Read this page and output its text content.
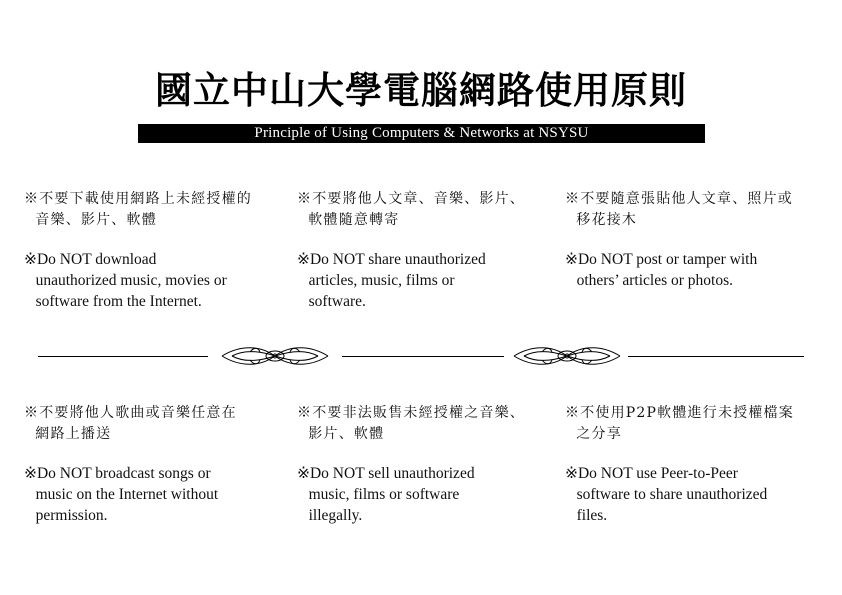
國立中山大學電腦網路使用原則
Principle of Using Computers & Networks at NSYSU
※不要下載使用網路上未經授權的
音樂、影片、軟體
※Do NOT download
unauthorized music, movies or
software from the Internet.
※不要將他人文章、音樂、影片、
軟體隨意轉寄
※Do NOT share unauthorized
articles, music, films or
software.
※不要隨意張貼他人文章、照片或
移花接木
※Do NOT post or tamper with
others’ articles or photos.
※不要將他人歌曲或音樂任意在
網路上播送
※Do NOT broadcast songs or
music on the Internet without
permission.
※不要非法販售未經授權之音樂、
影片、軟體
※Do NOT sell unauthorized
music, films or software
illegally.
※不使用P2P軟體進行未授權檔案
之分享
※Do NOT use Peer-to-Peer
software to share unauthorized
files.
